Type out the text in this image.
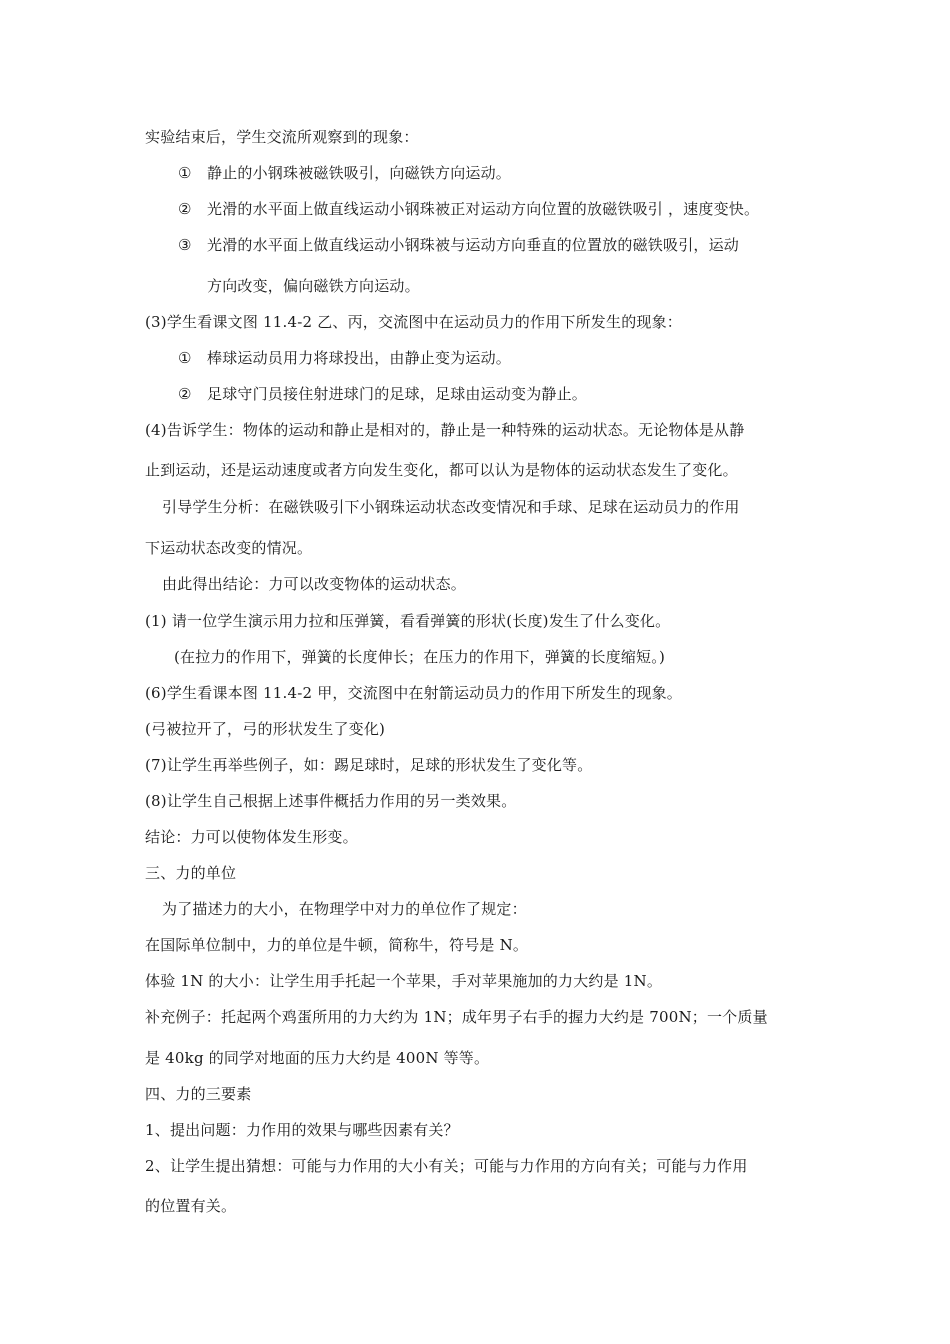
实验结束后，学生交流所观察到的现象：
① 静止的小钢珠被磁铁吸引，向磁铁方向运动。
② 光滑的水平面上做直线运动小钢珠被正对运动方向位置的放磁铁吸引 ，速度变快。
③ 光滑的水平面上做直线运动小钢珠被与运动方向垂直的位置放的磁铁吸引，运动
方向改变，偏向磁铁方向运动。
(3)学生看课文图 11.4-2 乙、丙，交流图中在运动员力的作用下所发生的现象：
① 棒球运动员用力将球投出，由静止变为运动。
② 足球守门员接住射进球门的足球，足球由运动变为静止。
(4)告诉学生：物体的运动和静止是相对的，静止是一种特殊的运动状态。无论物体是从静
止到运动，还是运动速度或者方向发生变化，都可以认为是物体的运动状态发生了变化。
引导学生分析：在磁铁吸引下小钢珠运动状态改变情况和手球、足球在运动员力的作用
下运动状态改变的情况。
由此得出结论：力可以改变物体的运动状态。
(1) 请一位学生演示用力拉和压弹簧，看看弹簧的形状(长度)发生了什么变化。
(在拉力的作用下，弹簧的长度伸长；在压力的作用下，弹簧的长度缩短。)
(6)学生看课本图 11.4-2 甲，交流图中在射箭运动员力的作用下所发生的现象。
(弓被拉开了，弓的形状发生了变化)
(7)让学生再举些例子，如：踢足球时，足球的形状发生了变化等。
(8)让学生自己根据上述事件概括力作用的另一类效果。
结论：力可以使物体发生形变。
三、力的单位
为了描述力的大小，在物理学中对力的单位作了规定：
在国际单位制中，力的单位是牛顿，简称牛，符号是 N。
体验 1N 的大小：让学生用手托起一个苹果，手对苹果施加的力大约是 1N。
补充例子：托起两个鸡蛋所用的力大约为 1N；成年男子右手的握力大约是 700N；一个质量
是 40kg 的同学对地面的压力大约是 400N 等等。
四、力的三要素
1、提出问题：力作用的效果与哪些因素有关？
2、让学生提出猜想：可能与力作用的大小有关；可能与力作用的方向有关；可能与力作用
的位置有关。
